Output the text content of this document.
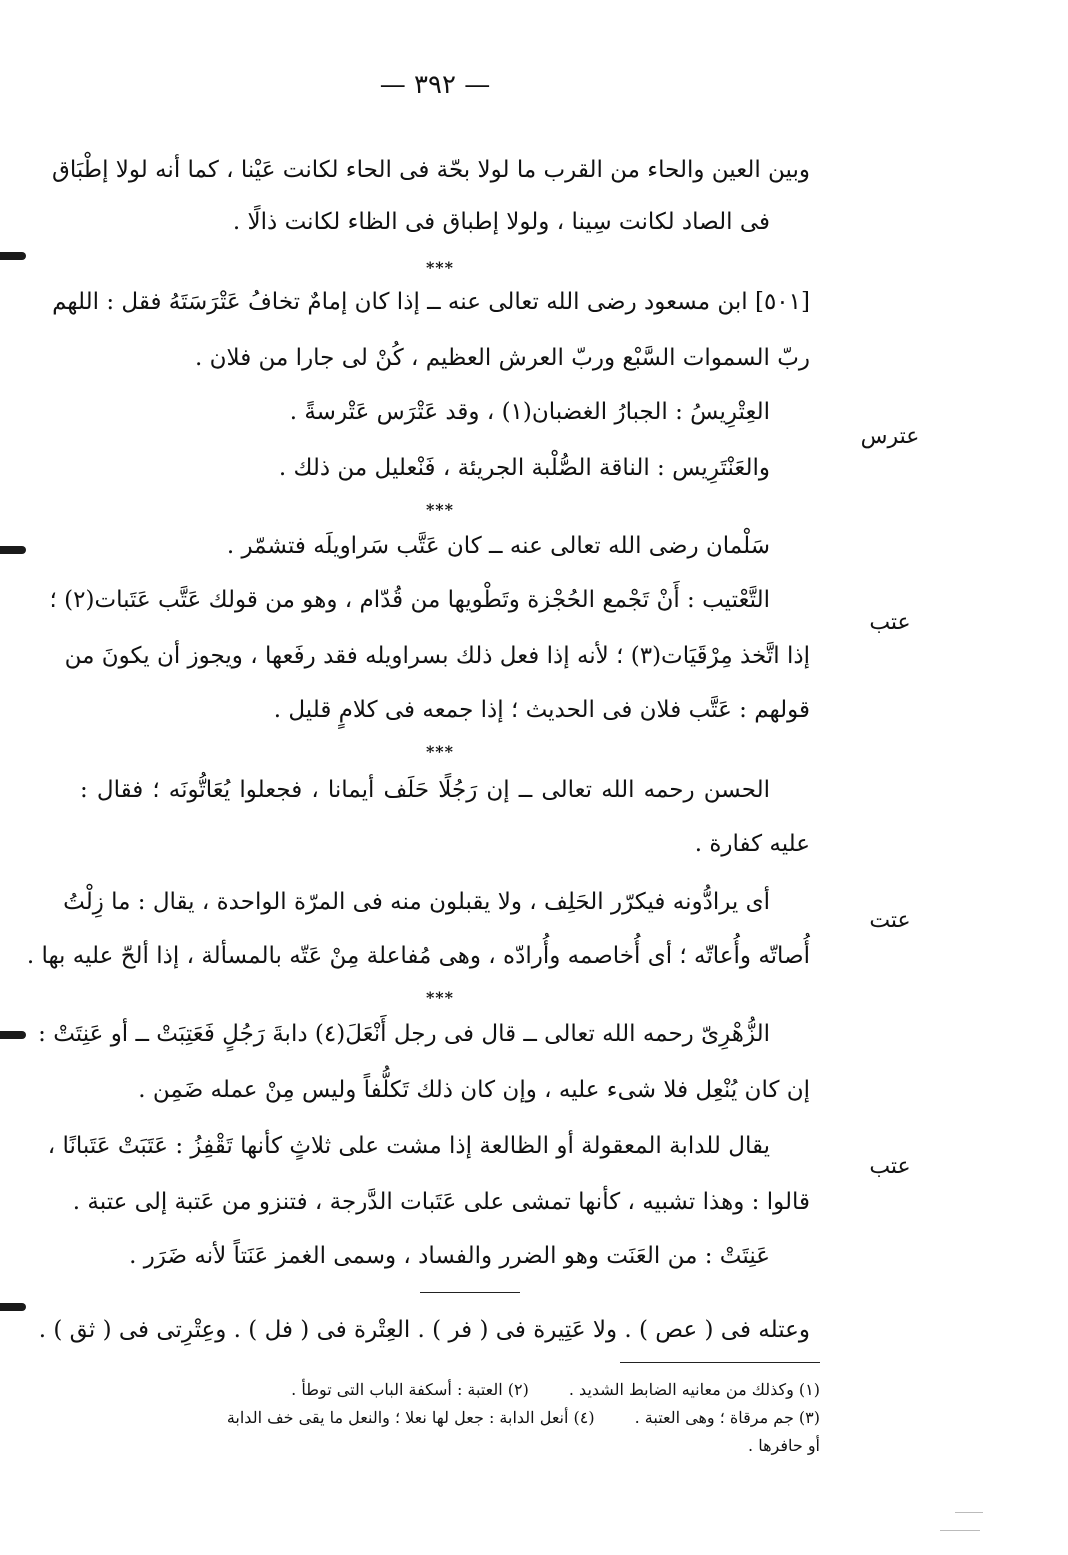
— ٣٩٢ —
وبين العين والحاء من القرب ما لولا بحّة فى الحاء لكانت عَيْنا ، كما أنه لولا إطْبَاق
فى الصاد لكانت سِينا ، ولولا إطباق فى الظاء لكانت ذالًا .
***
[٥٠١] ابن مسعود رضى الله تعالى عنه ــ إذا كان إمامٌ تخافُ عَتْرَسَتَهُ فقل : اللهم
ربّ السموات السَّبْع وربّ العرش العظيم ، كُنْ لى جارا من فلان .
العِتْرِيسُ : الجبارُ الغضبان(١) ، وقد عَتْرَس عَتْرسةً .
عترس
والعَنْتَرِيس : الناقة الصُّلْبة الجريئة ، فَنْعليل من ذلك .
***
سَلْمان رضى الله تعالى عنه ــ كان عَتَّب سَراويلَه فتشمّر .
التَّعْتيب : أَنْ تَجْمع الحُجْزة وتَطْويها من قُدّام ، وهو من قولك عَتَّب عَتَبات(٢) ؛
عتب
إذا اتَّخذ مِرْقَيَات(٣) ؛ لأنه إذا فعل ذلك بسراويله فقد رفَعها ، ويجوز أن يكونَ من
قولهم : عَتَّب فلان فى الحديث ؛ إذا جمعه فى كلامٍ قليل .
***
الحسن رحمه الله تعالى ــ إن رَجُلًا حَلَف أيمانا ، فجعلوا يُعَاتُّونَه ؛ فقال :
عليه كفارة .
أى يرادُّونه فيكرّر الحَلِف ، ولا يقبلون منه فى المرّة الواحدة ، يقال : ما زِلْتُ
عتت
أُصاتّه وأُعاتّه ؛ أى أُخاصمه وأُرادّه ، وهى مُفاعلة مِنْ عَتّه بالمسألة ، إذا ألحّ عليه بها .
***
الزُّهْرِىّ رحمه الله تعالى ــ قال فى رجل أَنْعَلَ(٤) دابةَ رَجُلٍ فَعَتِبَتْ ــ أو عَنِتَتْ :
إن كان يُنْعِل فلا شىء عليه ، وإن كان ذلك تَكلُّفاً وليس مِنْ عمله ضَمِن .
يقال للدابة المعقولة أو الظالعة إذا مشت على ثلاثٍ كأنها تَقْفِزُ : عَتَبَتْ عَتَبانًا ،
عتب
قالوا : وهذا تشبيه ، كأنها تمشى على عَتَبات الدَّرجة ، فتنزو من عَتبة إلى عتبة .
عَنِتَتْ : من العَنَت وهو الضرر والفساد ، وسمى الغمز عَنَتاً لأنه ضَرَر .
وعتله فى ( عص ) . ولا عَتِيرة فى ( فر ) . العِتْرة فى ( فل ) . وعِتْرِتى فى ( ثق ) .
(١) وكذلك من معانيه الضابط الشديد .(٢) العتبة : أسكفة الباب التى توطأ .
(٣) جم مرقاة ؛ وهى العتبة .(٤) أنعل الدابة : جعل لها نعلا ؛ والنعل ما يقى خف الدابة
أو حافرها .
